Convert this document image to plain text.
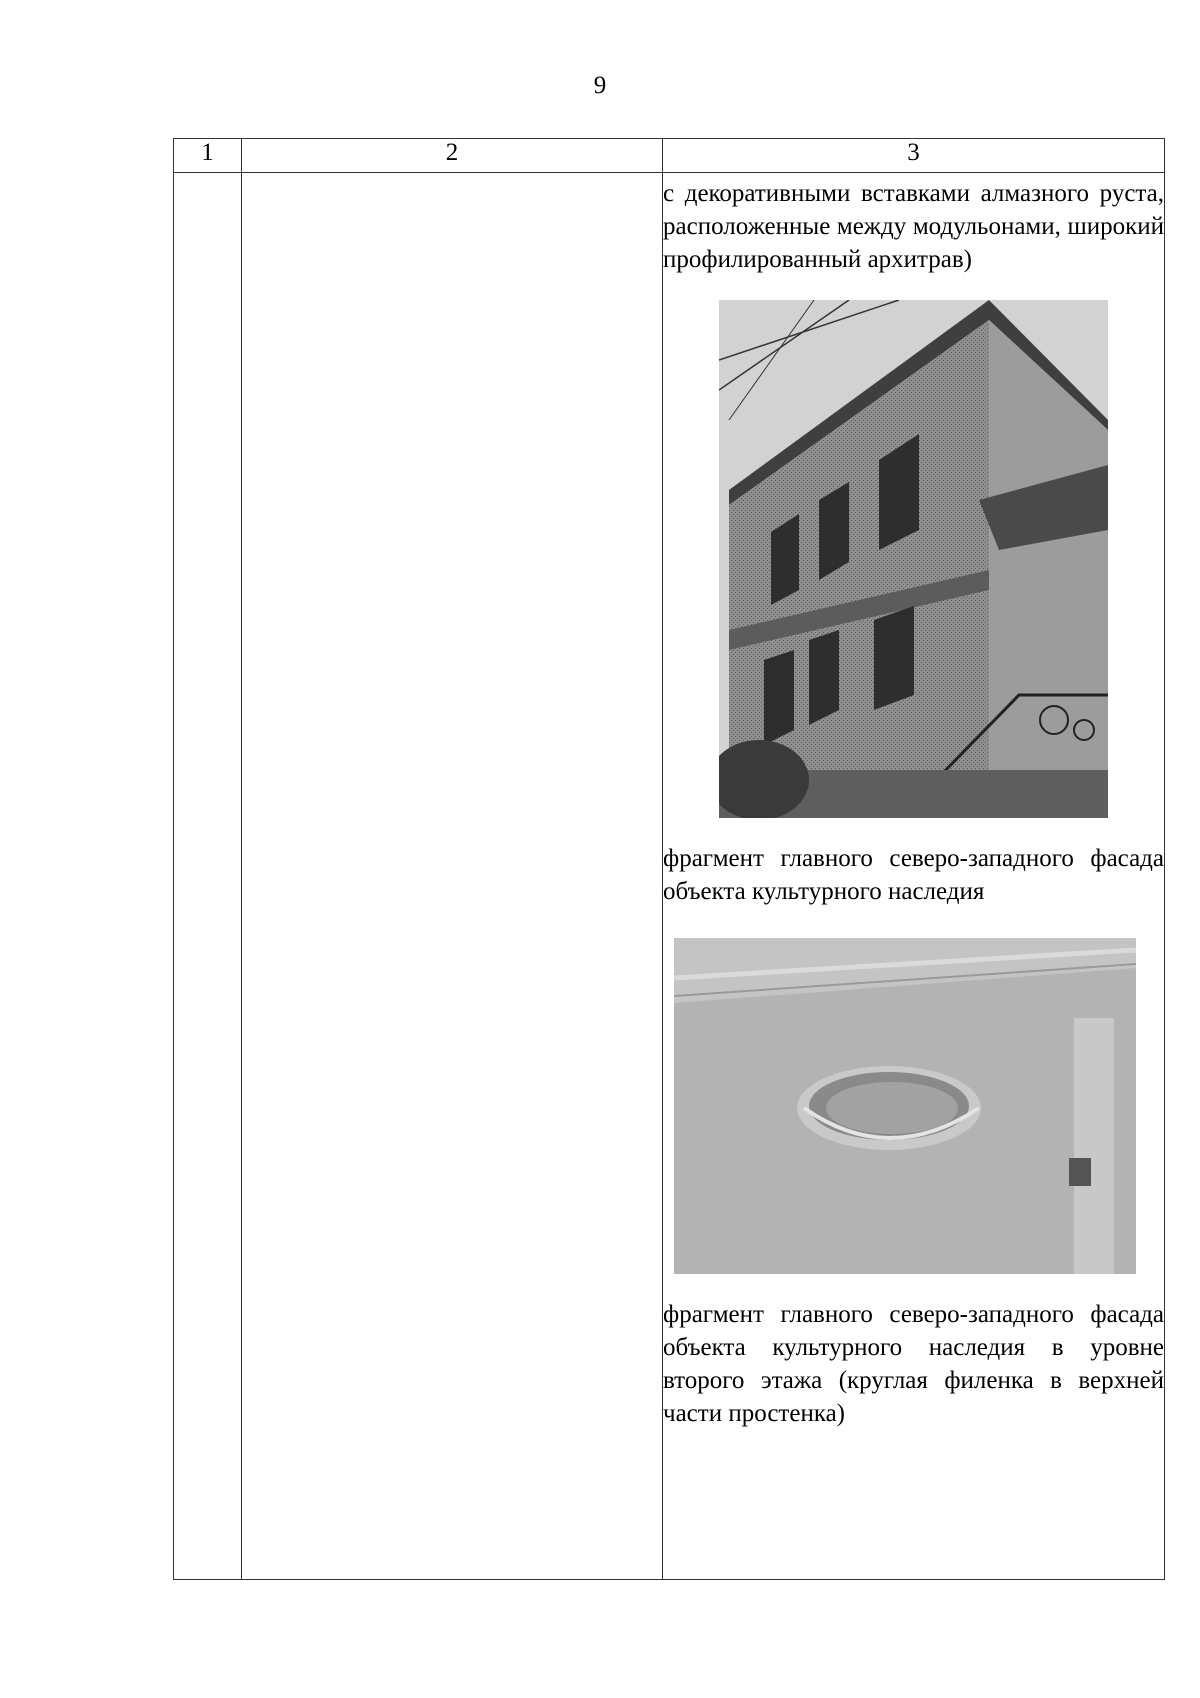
9
1	2	3

		с декоративными вставками алмазного руста, расположенные между модульонами, широкий профилированный архитрав)

фрагмент главного северо-западного фасада объекта культурного наследия

фрагмент главного северо-западного фасада объекта культурного наследия в уровне второго этажа (круглая филенка в верхней части простенка)
